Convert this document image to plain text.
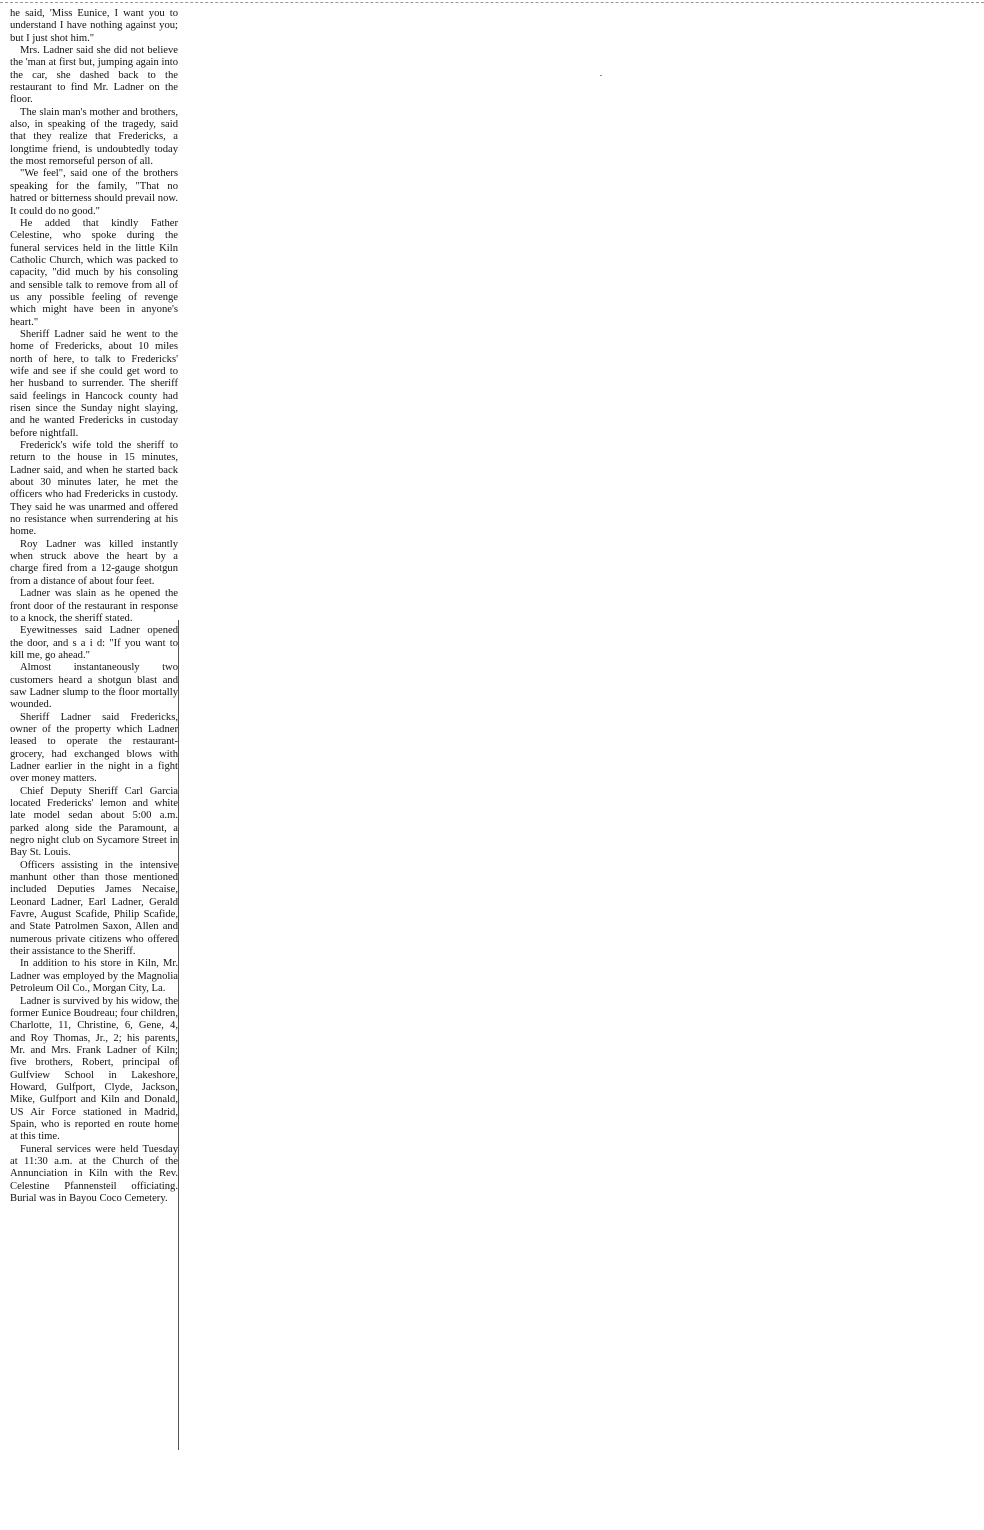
he said, 'Miss Eunice, I want you to understand I have nothing against you; but I just shot him."

Mrs. Ladner said she did not believe the 'man at first but, jumping again into the car, she dashed back to the restaurant to find Mr. Ladner on the floor.

The slain man's mother and brothers, also, in speaking of the tragedy, said that they realize that Fredericks, a longtime friend, is undoubtedly today the most remorseful person of all.

"We feel", said one of the brothers speaking for the family, "That no hatred or bitterness should prevail now. It could do no good."

He added that kindly Father Celestine, who spoke during the funeral services held in the little Kiln Catholic Church, which was packed to capacity, "did much by his consoling and sensible talk to remove from all of us any possible feeling of revenge which might have been in anyone's heart."

Sheriff Ladner said he went to the home of Fredericks, about 10 miles north of here, to talk to Fredericks' wife and see if she could get word to her husband to surrender. The sheriff said feelings in Hancock county had risen since the Sunday night slaying, and he wanted Fredericks in custoday before nightfall.

Frederick's wife told the sheriff to return to the house in 15 minutes, Ladner said, and when he started back about 30 minutes later, he met the officers who had Fredericks in custody. They said he was unarmed and offered no resistance when surrendering at his home.

Roy Ladner was killed instantly when struck above the heart by a charge fired from a 12-gauge shotgun from a distance of about four feet.

Ladner was slain as he opened the front door of the restaurant in response to a knock, the sheriff stated.

Eyewitnesses said Ladner opened the door, and s a i d: "If you want to kill me, go ahead."

Almost instantaneously two customers heard a shotgun blast and saw Ladner slump to the floor mortally wounded.

Sheriff Ladner said Fredericks, owner of the property which Ladner leased to operate the restaurant-grocery, had exchanged blows with Ladner earlier in the night in a fight over money matters.

Chief Deputy Sheriff Carl Garcia located Fredericks' lemon and white late model sedan about 5:00 a.m. parked along side the Paramount, a negro night club on Sycamore Street in Bay St. Louis.

Officers assisting in the intensive manhunt other than those mentioned included Deputies James Necaise, Leonard Ladner, Earl Ladner, Gerald Favre, August Scafide, Philip Scafide, and State Patrolmen Saxon, Allen and numerous private citizens who offered their assistance to the Sheriff.

In addition to his store in Kiln, Mr. Ladner was employed by the Magnolia Petroleum Oil Co., Morgan City, La.

Ladner is survived by his widow, the former Eunice Boudreau; four children, Charlotte, 11, Christine, 6, Gene, 4, and Roy Thomas, Jr., 2; his parents, Mr. and Mrs. Frank Ladner of Kiln; five brothers, Robert, principal of Gulfview School in Lakeshore, Howard, Gulfport, Clyde, Jackson, Mike, Gulfport and Kiln and Donald, US Air Force stationed in Madrid, Spain, who is reported en route home at this time.

Funeral services were held Tuesday at 11:30 a.m. at the Church of the Annunciation in Kiln with the Rev. Celestine Pfannensteil officiating. Burial was in Bayou Coco Cemetery.
